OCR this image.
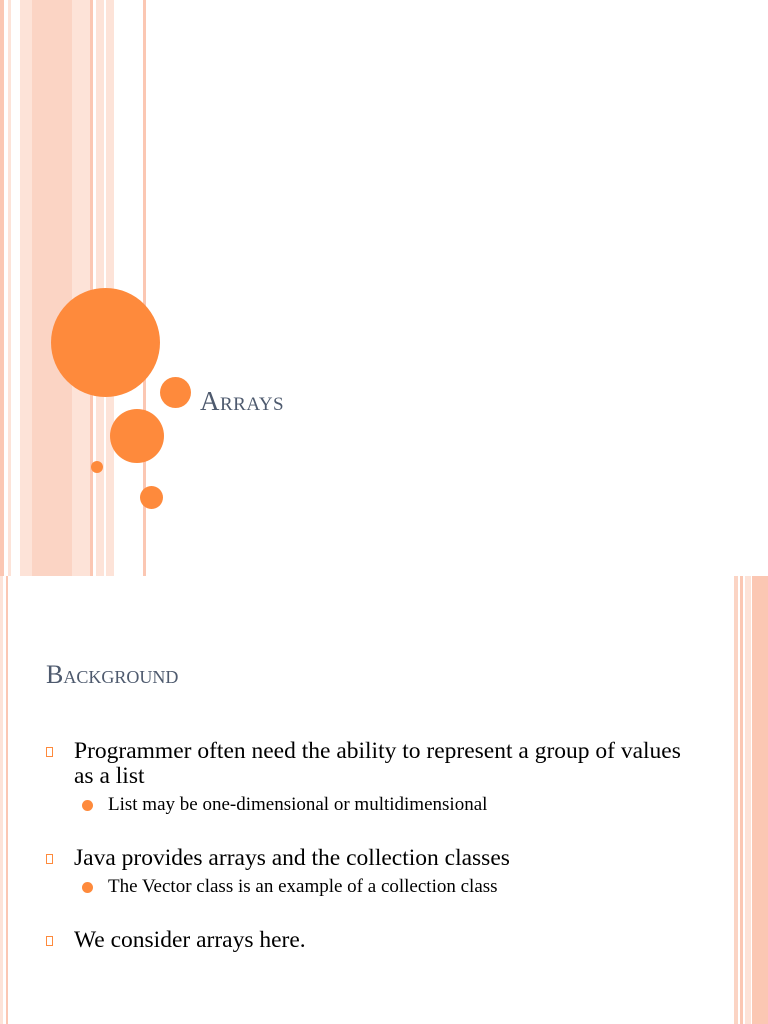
Arrays
Background
Programmer often need the ability to represent a group of values as a list
List may be one-dimensional or multidimensional
Java provides arrays and the collection classes
The Vector class is an example of a collection class
We consider arrays here.
